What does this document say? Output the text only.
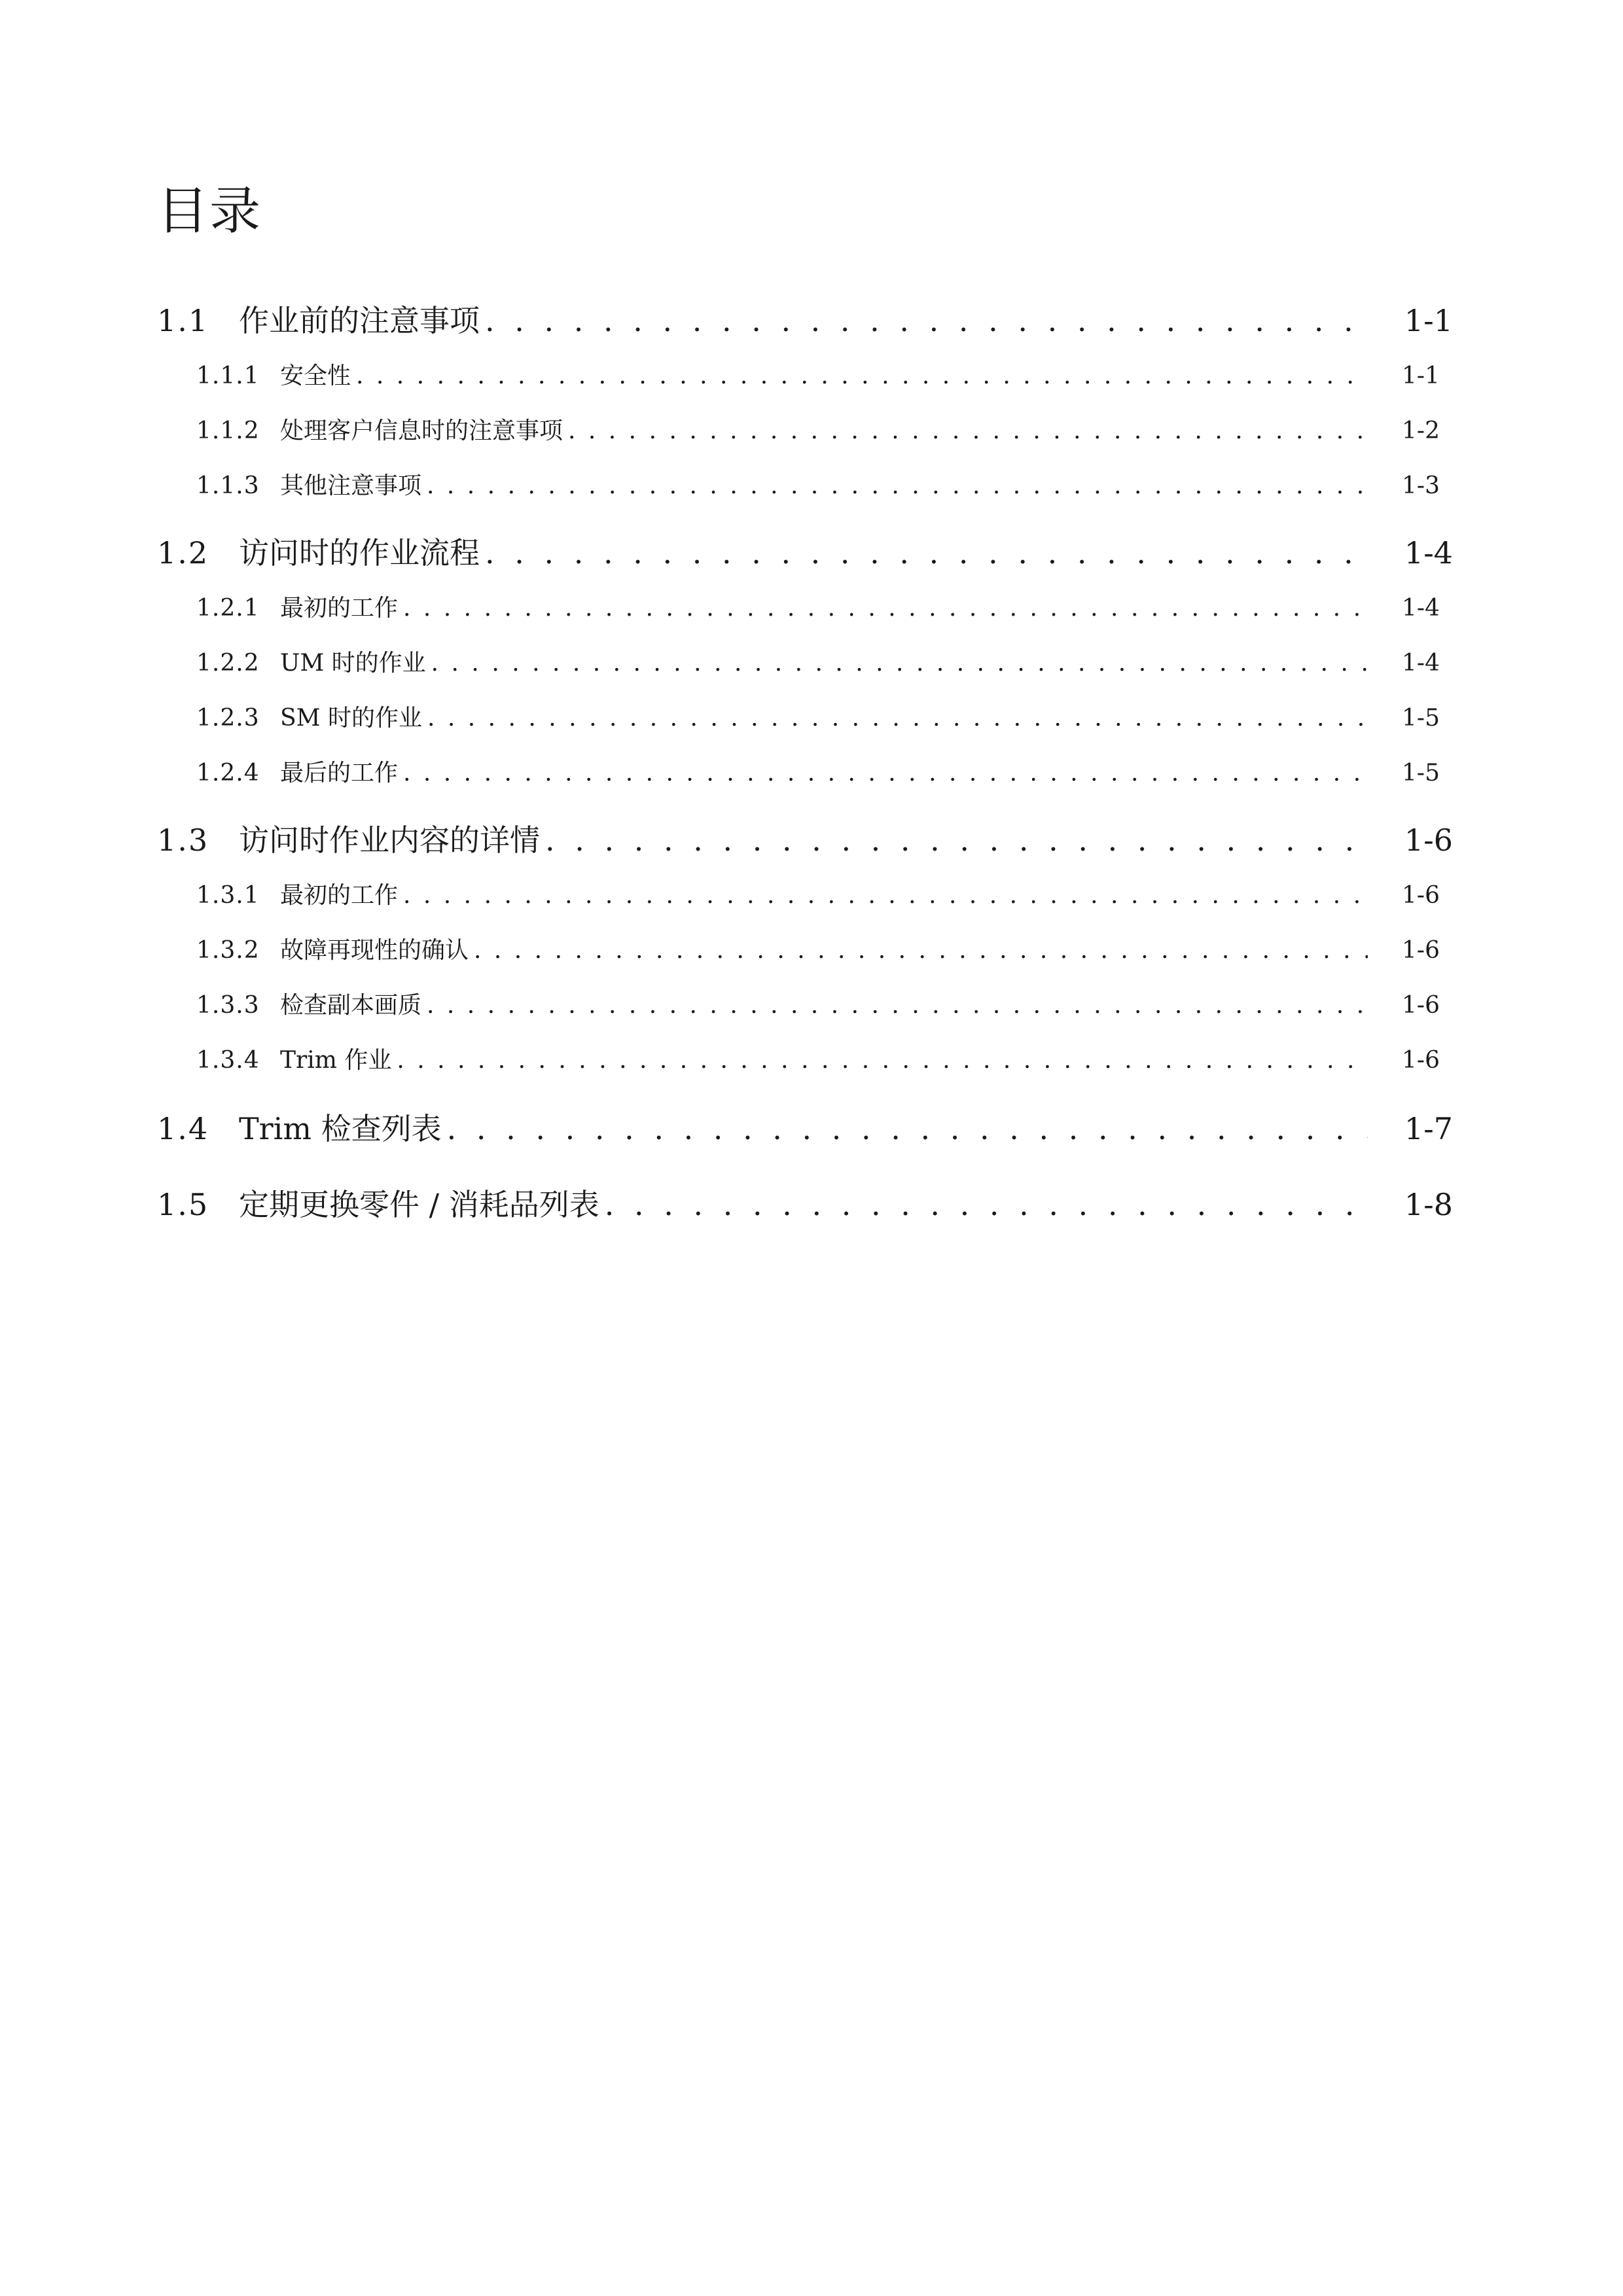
目录
1.1 作业前的注意事项 . . .	1-1
1.1.1 安全性 . . .	1-1
1.1.2 处理客户信息时的注意事项 . . .	1-2
1.1.3 其他注意事项 . . .	1-3
1.2 访问时的作业流程 . . .	1-4
1.2.1 最初的工作 . . .	1-4
1.2.2 UM 时的作业 . . .	1-4
1.2.3 SM 时的作业 . . .	1-5
1.2.4 最后的工作 . . .	1-5
1.3 访问时作业内容的详情 . . .	1-6
1.3.1 最初的工作 . . .	1-6
1.3.2 故障再现性的确认 . . .	1-6
1.3.3 检查副本画质 . . .	1-6
1.3.4 Trim 作业 . . .	1-6
1.4 Trim 检查列表 . . .	1-7
1.5 定期更换零件 / 消耗品列表 . . .	1-8
